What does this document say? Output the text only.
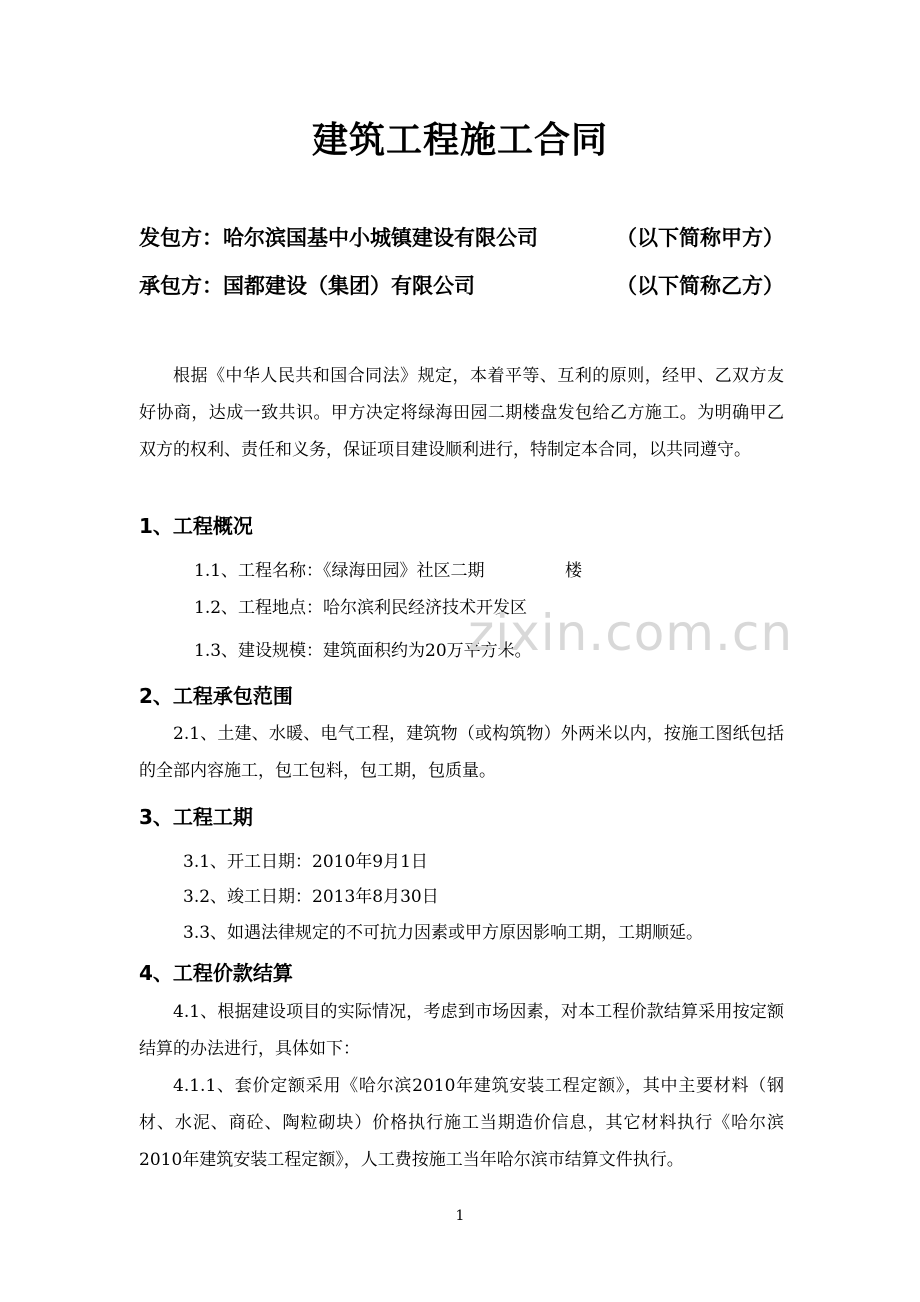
建筑工程施工合同
发包方：哈尔滨国基中小城镇建设有限公司	（以下简称甲方）
承包方：国都建设（集团）有限公司	（以下简称乙方）
根据《中华人民共和国合同法》规定，本着平等、互利的原则，经甲、乙双方友好协商，达成一致共识。甲方决定将绿海田园二期楼盘发包给乙方施工。为明确甲乙双方的权利、责任和义务，保证项目建设顺利进行，特制定本合同，以共同遵守。
1、工程概况
1.1、工程名称：《绿海田园》社区二期	楼
1.2、工程地点：哈尔滨利民经济技术开发区
1.3、建设规模：建筑面积约为20万平方米。
2、工程承包范围
2.1、土建、水暖、电气工程，建筑物（或构筑物）外两米以内，按施工图纸包括的全部内容施工，包工包料，包工期，包质量。
3、工程工期
3.1、开工日期：2010年9月1日
3.2、竣工日期：2013年8月30日
3.3、如遇法律规定的不可抗力因素或甲方原因影响工期，工期顺延。
4、工程价款结算
4.1、根据建设项目的实际情况，考虑到市场因素，对本工程价款结算采用按定额结算的办法进行，具体如下：
4.1.1、套价定额采用《哈尔滨2010年建筑安装工程定额》，其中主要材料（钢材、水泥、商砼、陶粒砌块）价格执行施工当期造价信息，其它材料执行《哈尔滨2010年建筑安装工程定额》，人工费按施工当年哈尔滨市结算文件执行。
zixin.com.cn
1
